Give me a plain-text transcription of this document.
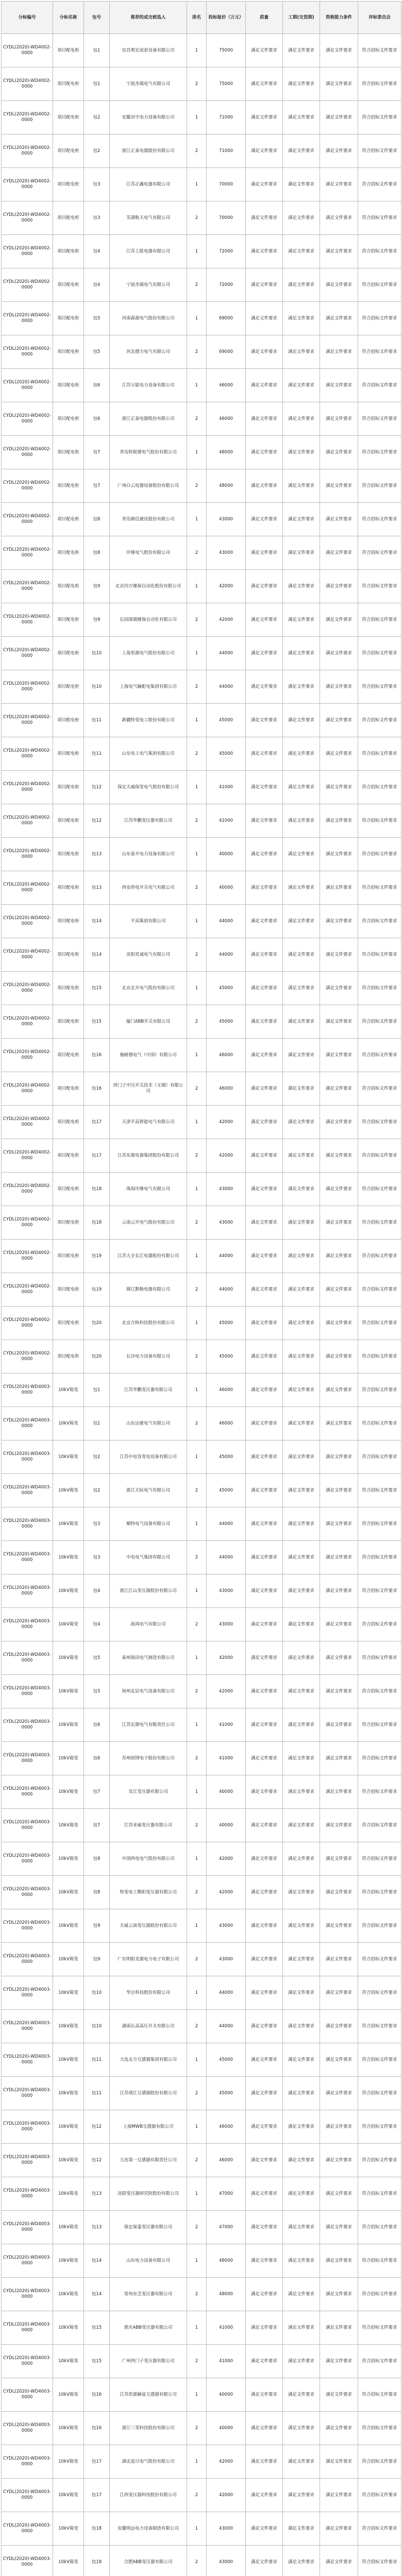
分标编号	分标名称	包号	推荐的成交候选人	排名	投标报价（万元）	质量	工期(交货期)	资格能力条件	评标委员会
CYDL(2020)-WD4002-0000	项目配电柜	包1	宜昌奥宏成套设备有限公司	1	75000	满足文件要求	满足文件要求	满足文件要求	符合招标文件要求
CYDL(2020)-WD4002-0000	项目配电柜	包1	宁波杰瑞电气有限公司	2	75000	满足文件要求	满足文件要求	满足文件要求	符合招标文件要求
CYDL(2020)-WD4002-0000	项目配电柜	包2	安徽双宇电力设备有限公司	1	71000	满足文件要求	满足文件要求	满足文件要求	符合招标文件要求
CYDL(2020)-WD4002-0000	项目配电柜	包2	浙江正泰电器股份有限公司	2	71000	满足文件要求	满足文件要求	满足文件要求	符合招标文件要求
CYDL(2020)-WD4002-0000	项目配电柜	包3	江苏正鑫电器有限公司	1	70000	满足文件要求	满足文件要求	满足文件要求	符合招标文件要求
CYDL(2020)-WD4002-0000	项目配电柜	包3	芜湖航天电气有限公司	2	70000	满足文件要求	满足文件要求	满足文件要求	符合招标文件要求
CYDL(2020)-WD4002-0000	项目配电柜	包4	江苏上能电器有限公司	1	72000	满足文件要求	满足文件要求	满足文件要求	符合招标文件要求
CYDL(2020)-WD4002-0000	项目配电柜	包4	宁波杰瑞电气有限公司	2	72000	满足文件要求	满足文件要求	满足文件要求	符合招标文件要求
CYDL(2020)-WD4002-0000	项目配电柜	包5	河南森源电气股份有限公司	1	69000	满足文件要求	满足文件要求	满足文件要求	符合招标文件要求
CYDL(2020)-WD4002-0000	项目配电柜	包5	河北德力电气有限公司	2	69000	满足文件要求	满足文件要求	满足文件要求	符合招标文件要求
CYDL(2020)-WD4002-0000	项目配电柜	包6	江苏万能电力设备有限公司	1	46000	满足文件要求	满足文件要求	满足文件要求	符合招标文件要求
CYDL(2020)-WD4002-0000	项目配电柜	包6	浙江正泰电器股份有限公司	2	46000	满足文件要求	满足文件要求	满足文件要求	符合招标文件要求
CYDL(2020)-WD4002-0000	项目配电柜	包7	青岛特锐德电气股份有限公司	1	48000	满足文件要求	满足文件要求	满足文件要求	符合招标文件要求
CYDL(2020)-WD4002-0000	项目配电柜	包7	广州白云电器设备股份有限公司	2	48000	满足文件要求	满足文件要求	满足文件要求	符合招标文件要求
CYDL(2020)-WD4002-0000	项目配电柜	包8	青岛鼎信通讯股份有限公司	1	43000	满足文件要求	满足文件要求	满足文件要求	符合招标文件要求
CYDL(2020)-WD4002-0000	项目配电柜	包8	许继电气股份有限公司	2	43000	满足文件要求	满足文件要求	满足文件要求	符合招标文件要求
CYDL(2020)-WD4002-0000	项目配电柜	包9	北京四方继保自动化股份有限公司	1	42000	满足文件要求	满足文件要求	满足文件要求	符合招标文件要求
CYDL(2020)-WD4002-0000	项目配电柜	包9	长园深瑞继保自动化有限公司	2	42000	满足文件要求	满足文件要求	满足文件要求	符合招标文件要求
CYDL(2020)-WD4002-0000	项目配电柜	包10	上海思源电气股份有限公司	1	44000	满足文件要求	满足文件要求	满足文件要求	符合招标文件要求
CYDL(2020)-WD4002-0000	项目配电柜	包10	上海电气输配电集团有限公司	2	44000	满足文件要求	满足文件要求	满足文件要求	符合招标文件要求
CYDL(2020)-WD4002-0000	项目配电柜	包11	新疆特变电工股份有限公司	1	45000	满足文件要求	满足文件要求	满足文件要求	符合招标文件要求
CYDL(2020)-WD4002-0000	项目配电柜	包11	山东电工电气集团有限公司	2	45000	满足文件要求	满足文件要求	满足文件要求	符合招标文件要求
CYDL(2020)-WD4002-0000	项目配电柜	包12	保定天威保变电气股份有限公司	1	41000	满足文件要求	满足文件要求	满足文件要求	符合招标文件要求
CYDL(2020)-WD4002-0000	项目配电柜	包12	江苏华鹏变压器有限公司	2	41000	满足文件要求	满足文件要求	满足文件要求	符合招标文件要求
CYDL(2020)-WD4002-0000	项目配电柜	包13	山东泰开电力设备有限公司	1	40000	满足文件要求	满足文件要求	满足文件要求	符合招标文件要求
CYDL(2020)-WD4002-0000	项目配电柜	包13	西安西电开关电气有限公司	2	40000	满足文件要求	满足文件要求	满足文件要求	符合招标文件要求
CYDL(2020)-WD4002-0000	项目配电柜	包14	平高集团有限公司	1	44000	满足文件要求	满足文件要求	满足文件要求	符合招标文件要求
CYDL(2020)-WD4002-0000	项目配电柜	包14	沈阳昊诚电气有限公司	2	44000	满足文件要求	满足文件要求	满足文件要求	符合招标文件要求
CYDL(2020)-WD4002-0000	项目配电柜	包15	北京北开电气股份有限公司	1	45000	满足文件要求	满足文件要求	满足文件要求	符合招标文件要求
CYDL(2020)-WD4002-0000	项目配电柜	包15	厦门ABB开关有限公司	2	45000	满足文件要求	满足文件要求	满足文件要求	符合招标文件要求
CYDL(2020)-WD4002-0000	项目配电柜	包16	施耐德电气（中国）有限公司	1	46000	满足文件要求	满足文件要求	满足文件要求	符合招标文件要求
CYDL(2020)-WD4002-0000	项目配电柜	包16	西门子中压开关技术（无锡）有限公司	2	46000	满足文件要求	满足文件要求	满足文件要求	符合招标文件要求
CYDL(2020)-WD4002-0000	项目配电柜	包17	天津平高智能电气有限公司	1	42000	满足文件要求	满足文件要求	满足文件要求	符合招标文件要求
CYDL(2020)-WD4002-0000	项目配电柜	包17	江苏东源电器集团股份有限公司	2	42000	满足文件要求	满足文件要求	满足文件要求	符合招标文件要求
CYDL(2020)-WD4002-0000	项目配电柜	包18	珠海许继电气有限公司	1	43000	满足文件要求	满足文件要求	满足文件要求	符合招标文件要求
CYDL(2020)-WD4002-0000	项目配电柜	包18	云南云开电气股份有限公司	2	43000	满足文件要求	满足文件要求	满足文件要求	符合招标文件要求
CYDL(2020)-WD4002-0000	项目配电柜	包19	江苏大全长江电器股份有限公司	1	44000	满足文件要求	满足文件要求	满足文件要求	符合招标文件要求
CYDL(2020)-WD4002-0000	项目配电柜	包19	镇江默勒电器有限公司	2	44000	满足文件要求	满足文件要求	满足文件要求	符合招标文件要求
CYDL(2020)-WD4002-0000	项目配电柜	包20	北京合纵科技股份有限公司	1	45000	满足文件要求	满足文件要求	满足文件要求	符合招标文件要求
CYDL(2020)-WD4002-0000	项目配电柜	包20	长沙电力设备有限公司	2	45000	满足文件要求	满足文件要求	满足文件要求	符合招标文件要求
CYDL(2020)-WD4003-0000	10kV箱变	包1	江苏华鹏变压器有限公司	1	46000	满足文件要求	满足文件要求	满足文件要求	符合招标文件要求
CYDL(2020)-WD4003-0000	10kV箱变	包1	山东达驰电气有限公司	2	46000	满足文件要求	满足文件要求	满足文件要求	符合招标文件要求
CYDL(2020)-WD4003-0000	10kV箱变	包2	江苏中电容变电设备有限公司	1	45000	满足文件要求	满足文件要求	满足文件要求	符合招标文件要求
CYDL(2020)-WD4003-0000	10kV箱变	包2	浙江天际电气有限公司	2	45000	满足文件要求	满足文件要求	满足文件要求	符合招标文件要求
CYDL(2020)-WD4003-0000	10kV箱变	包3	顺特电气设备有限公司	1	44000	满足文件要求	满足文件要求	满足文件要求	符合招标文件要求
CYDL(2020)-WD4003-0000	10kV箱变	包3	中电电气集团有限公司	2	44000	满足文件要求	满足文件要求	满足文件要求	符合招标文件要求
CYDL(2020)-WD4003-0000	10kV箱变	包4	浙江江山变压器股份有限公司	1	43000	满足文件要求	满足文件要求	满足文件要求	符合招标文件要求
CYDL(2020)-WD4003-0000	10kV箱变	包4	海鸿电气有限公司	2	43000	满足文件要求	满足文件要求	满足文件要求	符合招标文件要求
CYDL(2020)-WD4003-0000	10kV箱变	包5	泰州海田电气制造有限公司	1	42000	满足文件要求	满足文件要求	满足文件要求	符合招标文件要求
CYDL(2020)-WD4003-0000	10kV箱变	包5	扬州北辰电气设备有限公司	2	42000	满足文件要求	满足文件要求	满足文件要求	符合招标文件要求
CYDL(2020)-WD4003-0000	10kV箱变	包6	江苏宏源电气有限责任公司	1	41000	满足文件要求	满足文件要求	满足文件要求	符合招标文件要求
CYDL(2020)-WD4003-0000	10kV箱变	包6	苏州固锝电子股份有限公司	2	41000	满足文件要求	满足文件要求	满足文件要求	符合招标文件要求
CYDL(2020)-WD4003-0000	10kV箱变	包7	吴江变压器有限公司	1	40000	满足文件要求	满足文件要求	满足文件要求	符合招标文件要求
CYDL(2020)-WD4003-0000	10kV箱变	包7	江苏亚威变压器有限公司	2	40000	满足文件要求	满足文件要求	满足文件要求	符合招标文件要求
CYDL(2020)-WD4003-0000	10kV箱变	包8	中国西电电气股份有限公司	1	42000	满足文件要求	满足文件要求	满足文件要求	符合招标文件要求
CYDL(2020)-WD4003-0000	10kV箱变	包8	特变电工衡阳变压器有限公司	2	42000	满足文件要求	满足文件要求	满足文件要求	符合招标文件要求
CYDL(2020)-WD4003-0000	10kV箱变	包9	天威云南变压器股份有限公司	1	43000	满足文件要求	满足文件要求	满足文件要求	符合招标文件要求
CYDL(2020)-WD4003-0000	10kV箱变	包9	广东明阳龙源电力电子有限公司	2	43000	满足文件要求	满足文件要求	满足文件要求	符合招标文件要求
CYDL(2020)-WD4003-0000	10kV箱变	包10	华自科技股份有限公司	1	44000	满足文件要求	满足文件要求	满足文件要求	符合招标文件要求
CYDL(2020)-WD4003-0000	10kV箱变	包10	湖南长高高压开关有限公司	2	44000	满足文件要求	满足文件要求	满足文件要求	符合招标文件要求
CYDL(2020)-WD4003-0000	10kV箱变	包11	大连北方互感器集团有限公司	1	45000	满足文件要求	满足文件要求	满足文件要求	符合招标文件要求
CYDL(2020)-WD4003-0000	10kV箱变	包11	江苏靖江互感器股份有限公司	2	45000	满足文件要求	满足文件要求	满足文件要求	符合招标文件要求
CYDL(2020)-WD4003-0000	10kV箱变	包12	上海MWB互感器有限公司	1	46000	满足文件要求	满足文件要求	满足文件要求	符合招标文件要求
CYDL(2020)-WD4003-0000	10kV箱变	包12	大连第一互感器有限责任公司	2	46000	满足文件要求	满足文件要求	满足文件要求	符合招标文件要求
CYDL(2020)-WD4003-0000	10kV箱变	包13	沈阳变压器研究院股份有限公司	1	47000	满足文件要求	满足文件要求	满足文件要求	符合招标文件要求
CYDL(2020)-WD4003-0000	10kV箱变	包13	保定保菱变压器有限公司	2	47000	满足文件要求	满足文件要求	满足文件要求	符合招标文件要求
CYDL(2020)-WD4003-0000	10kV箱变	包14	山东电力设备有限公司	1	48000	满足文件要求	满足文件要求	满足文件要求	符合招标文件要求
CYDL(2020)-WD4003-0000	10kV箱变	包14	常州东芝变压器有限公司	2	48000	满足文件要求	满足文件要求	满足文件要求	符合招标文件要求
CYDL(2020)-WD4003-0000	10kV箱变	包15	重庆ABB变压器有限公司	1	41000	满足文件要求	满足文件要求	满足文件要求	符合招标文件要求
CYDL(2020)-WD4003-0000	10kV箱变	包15	广州西门子变压器有限公司	2	41000	满足文件要求	满足文件要求	满足文件要求	符合招标文件要求
CYDL(2020)-WD4003-0000	10kV箱变	包16	江苏思源赫兹互感器有限公司	1	40000	满足文件要求	满足文件要求	满足文件要求	符合招标文件要求
CYDL(2020)-WD4003-0000	10kV箱变	包16	浙江三变科技股份有限公司	2	40000	满足文件要求	满足文件要求	满足文件要求	符合招标文件要求
CYDL(2020)-WD4003-0000	10kV箱变	包17	湖北追日电气股份有限公司	1	42000	满足文件要求	满足文件要求	满足文件要求	符合招标文件要求
CYDL(2020)-WD4003-0000	10kV箱变	包17	江西变压器科技股份有限公司	2	42000	满足文件要求	满足文件要求	满足文件要求	符合招标文件要求
CYDL(2020)-WD4003-0000	10kV箱变	包18	安徽明远电力设备制造有限公司	1	43000	满足文件要求	满足文件要求	满足文件要求	符合招标文件要求
CYDL(2020)-WD4003-0000	10kV箱变	包18	合肥ABB变压器有限公司	2	43000	满足文件要求	满足文件要求	满足文件要求	符合招标文件要求
